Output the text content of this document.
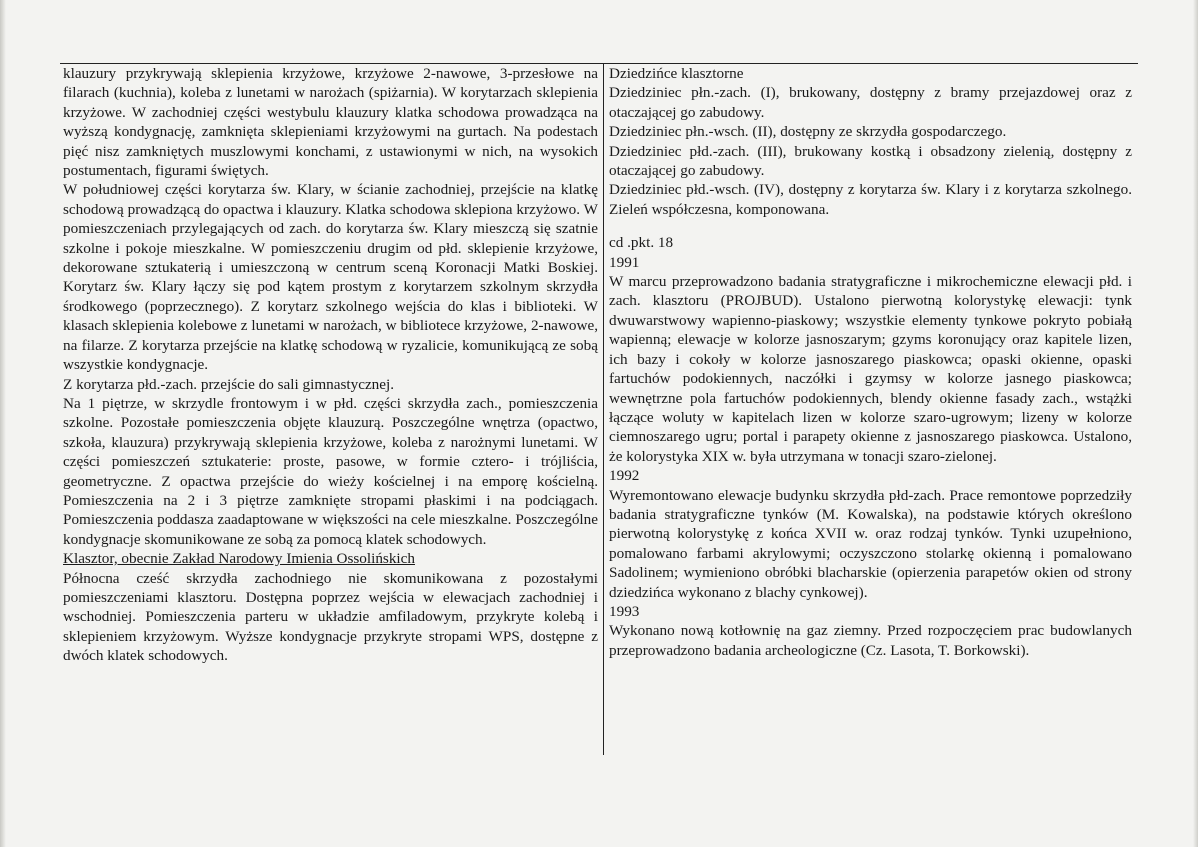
klauzury przykrywają sklepienia krzyżowe, krzyżowe 2-nawowe, 3-przesłowe na filarach (kuchnia), koleba z lunetami w narożach (spiżarnia). W korytarzach sklepienia krzyżowe. W zachodniej części westybulu klauzury klatka schodowa prowadząca na wyższą kondygnację, zamknięta sklepieniami krzyżowymi na gurtach. Na podestach pięć nisz zamkniętych muszlowymi konchami, z ustawionymi w nich, na wysokich postumentach, figurami świętych.

W południowej części korytarza św. Klary, w ścianie zachodniej, przejście na klatkę schodową prowadzącą do opactwa i klauzury. Klatka schodowa sklepiona krzyżowo. W pomieszczeniach przylegających od zach. do korytarza św. Klary mieszczą się szatnie szkolne i pokoje mieszkalne. W pomieszczeniu drugim od płd. sklepienie krzyżowe, dekorowane sztukaterią i umieszczoną w centrum sceną Koronacji Matki Boskiej. Korytarz św. Klary łączy się pod kątem prostym z korytarzem szkolnym skrzydła środkowego (poprzecznego). Z korytarz szkolnego wejścia do klas i biblioteki. W klasach sklepienia kolebowe z lunetami w narożach, w bibliotece krzyżowe, 2-nawowe, na filarze. Z korytarza przejście na klatkę schodową w ryzalicie, komunikującą ze sobą wszystkie kondygnacje.

Z korytarza płd.-zach. przejście do sali gimnastycznej.

Na 1 piętrze, w skrzydle frontowym i w płd. części skrzydła zach., pomieszczenia szkolne. Pozostałe pomieszczenia objęte klauzurą. Poszczególne wnętrza (opactwo, szkoła, klauzura) przykrywają sklepienia krzyżowe, koleba z narożnymi lunetami. W części pomieszczeń sztukaterie: proste, pasowe, w formie cztero- i trójliścia, geometryczne. Z opactwa przejście do wieży kościelnej i na emporę kościelną. Pomieszczenia na 2 i 3 piętrze zamknięte stropami płaskimi i na podciągach. Pomieszczenia poddasza zaadaptowane w większości na cele mieszkalne. Poszczególne kondygnacje skomunikowane ze sobą za pomocą klatek schodowych.

Klasztor, obecnie Zakład Narodowy Imienia Ossolińskich

Północna cześć skrzydła zachodniego nie skomunikowana z pozostałymi pomieszczeniami klasztoru. Dostępna poprzez wejścia w elewacjach zachodniej i wschodniej. Pomieszczenia parteru w układzie amfiladowym, przykryte kolebą i sklepieniem krzyżowym. Wyższe kondygnacje przykryte stropami WPS, dostępne z dwóch klatek schodowych.

Dziedzińce klasztorne

Dziedziniec płn.-zach. (I), brukowany, dostępny z bramy przejazdowej oraz z otaczającej go zabudowy.

Dziedziniec płn.-wsch. (II), dostępny ze skrzydła gospodarczego.

Dziedziniec płd.-zach. (III), brukowany kostką i obsadzony zielenią, dostępny z otaczającej go zabudowy.

Dziedziniec płd.-wsch. (IV), dostępny z korytarza św. Klary i z korytarza szkolnego. Zieleń współczesna, komponowana.

cd .pkt. 18

1991

W marcu przeprowadzono badania stratygraficzne i mikrochemiczne elewacji płd. i zach. klasztoru (PROJBUD). Ustalono pierwotną kolorystykę elewacji: tynk dwuwarstwowy wapienno-piaskowy; wszystkie elementy tynkowe pokryto pobiałą wapienną; elewacje w kolorze jasnoszarym; gzyms koronujący oraz kapitele lizen, ich bazy i cokoły w kolorze jasnoszarego piaskowca; opaski okienne, opaski fartuchów podokiennych, naczółki i gzymsy w kolorze jasnego piaskowca; wewnętrzne pola fartuchów podokiennych, blendy okienne fasady zach., wstążki łączące woluty w kapitelach lizen w kolorze szaro-ugrowym; lizeny w kolorze ciemnoszarego ugru; portal i parapety okienne z jasnoszarego piaskowca. Ustalono, że kolorystyka XIX w. była utrzymana w tonacji szaro-zielonej.

1992

Wyremontowano elewacje budynku skrzydła płd-zach. Prace remontowe poprzedziły badania stratygraficzne tynków (M. Kowalska), na podstawie których określono pierwotną kolorystykę z końca XVII w. oraz rodzaj tynków. Tynki uzupełniono, pomalowano farbami akrylowymi; oczyszczono stolarkę okienną i pomalowano Sadolinem; wymieniono obróbki blacharskie (opierzenia parapetów okien od strony dziedzińca wykonano z blachy cynkowej).

1993

Wykonano nową kotłownię na gaz ziemny. Przed rozpoczęciem prac budowlanych przeprowadzono badania archeologiczne (Cz. Lasota, T. Borkowski).
